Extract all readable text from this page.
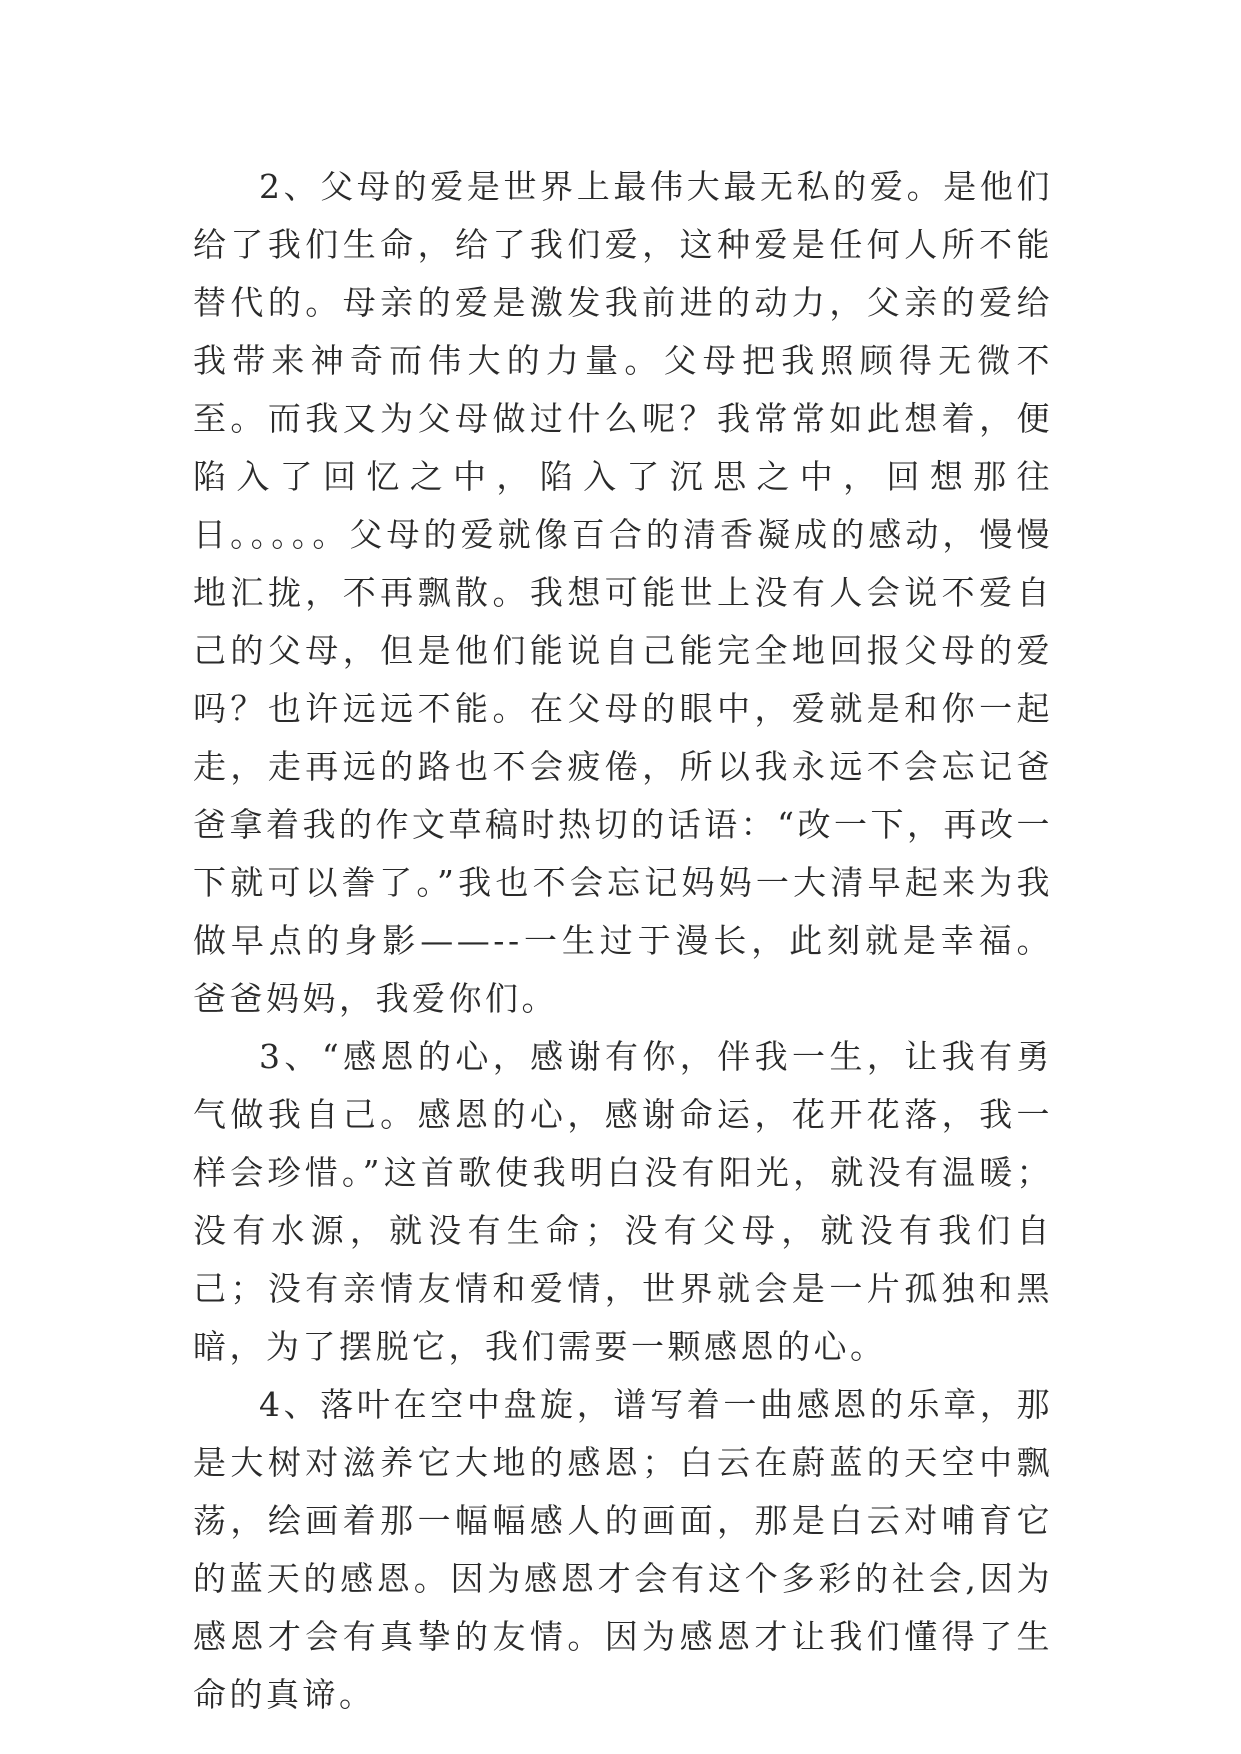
2、父母的爱是世界上最伟大最无私的爱。是他们给了我们生命，给了我们爱，这种爱是任何人所不能替代的。母亲的爱是激发我前进的动力，父亲的爱给我带来神奇而伟大的力量。父母把我照顾得无微不至。而我又为父母做过什么呢？我常常如此想着，便陷入了回忆之中，陷入了沉思之中，回想那往日。。。。。父母的爱就像百合的清香凝成的感动，慢慢地汇拢，不再飘散。我想可能世上没有人会说不爱自己的父母，但是他们能说自己能完全地回报父母的爱吗？也许远远不能。在父母的眼中，爱就是和你一起走，走再远的路也不会疲倦，所以我永远不会忘记爸爸拿着我的作文草稿时热切的话语：“改一下，再改一下就可以誊了。”我也不会忘记妈妈一大清早起来为我做早点的身影——--一生过于漫长，此刻就是幸福。爸爸妈妈，我爱你们。

3、“感恩的心，感谢有你，伴我一生，让我有勇气做我自己。感恩的心，感谢命运，花开花落，我一样会珍惜。”这首歌使我明白没有阳光，就没有温暖；没有水源，就没有生命；没有父母，就没有我们自己；没有亲情友情和爱情，世界就会是一片孤独和黑暗，为了摆脱它，我们需要一颗感恩的心。

4、落叶在空中盘旋，谱写着一曲感恩的乐章，那是大树对滋养它大地的感恩；白云在蔚蓝的天空中飘荡，绘画着那一幅幅感人的画面，那是白云对哺育它的蓝天的感恩。因为感恩才会有这个多彩的社会,因为感恩才会有真挚的友情。因为感恩才让我们懂得了生命的真谛。
